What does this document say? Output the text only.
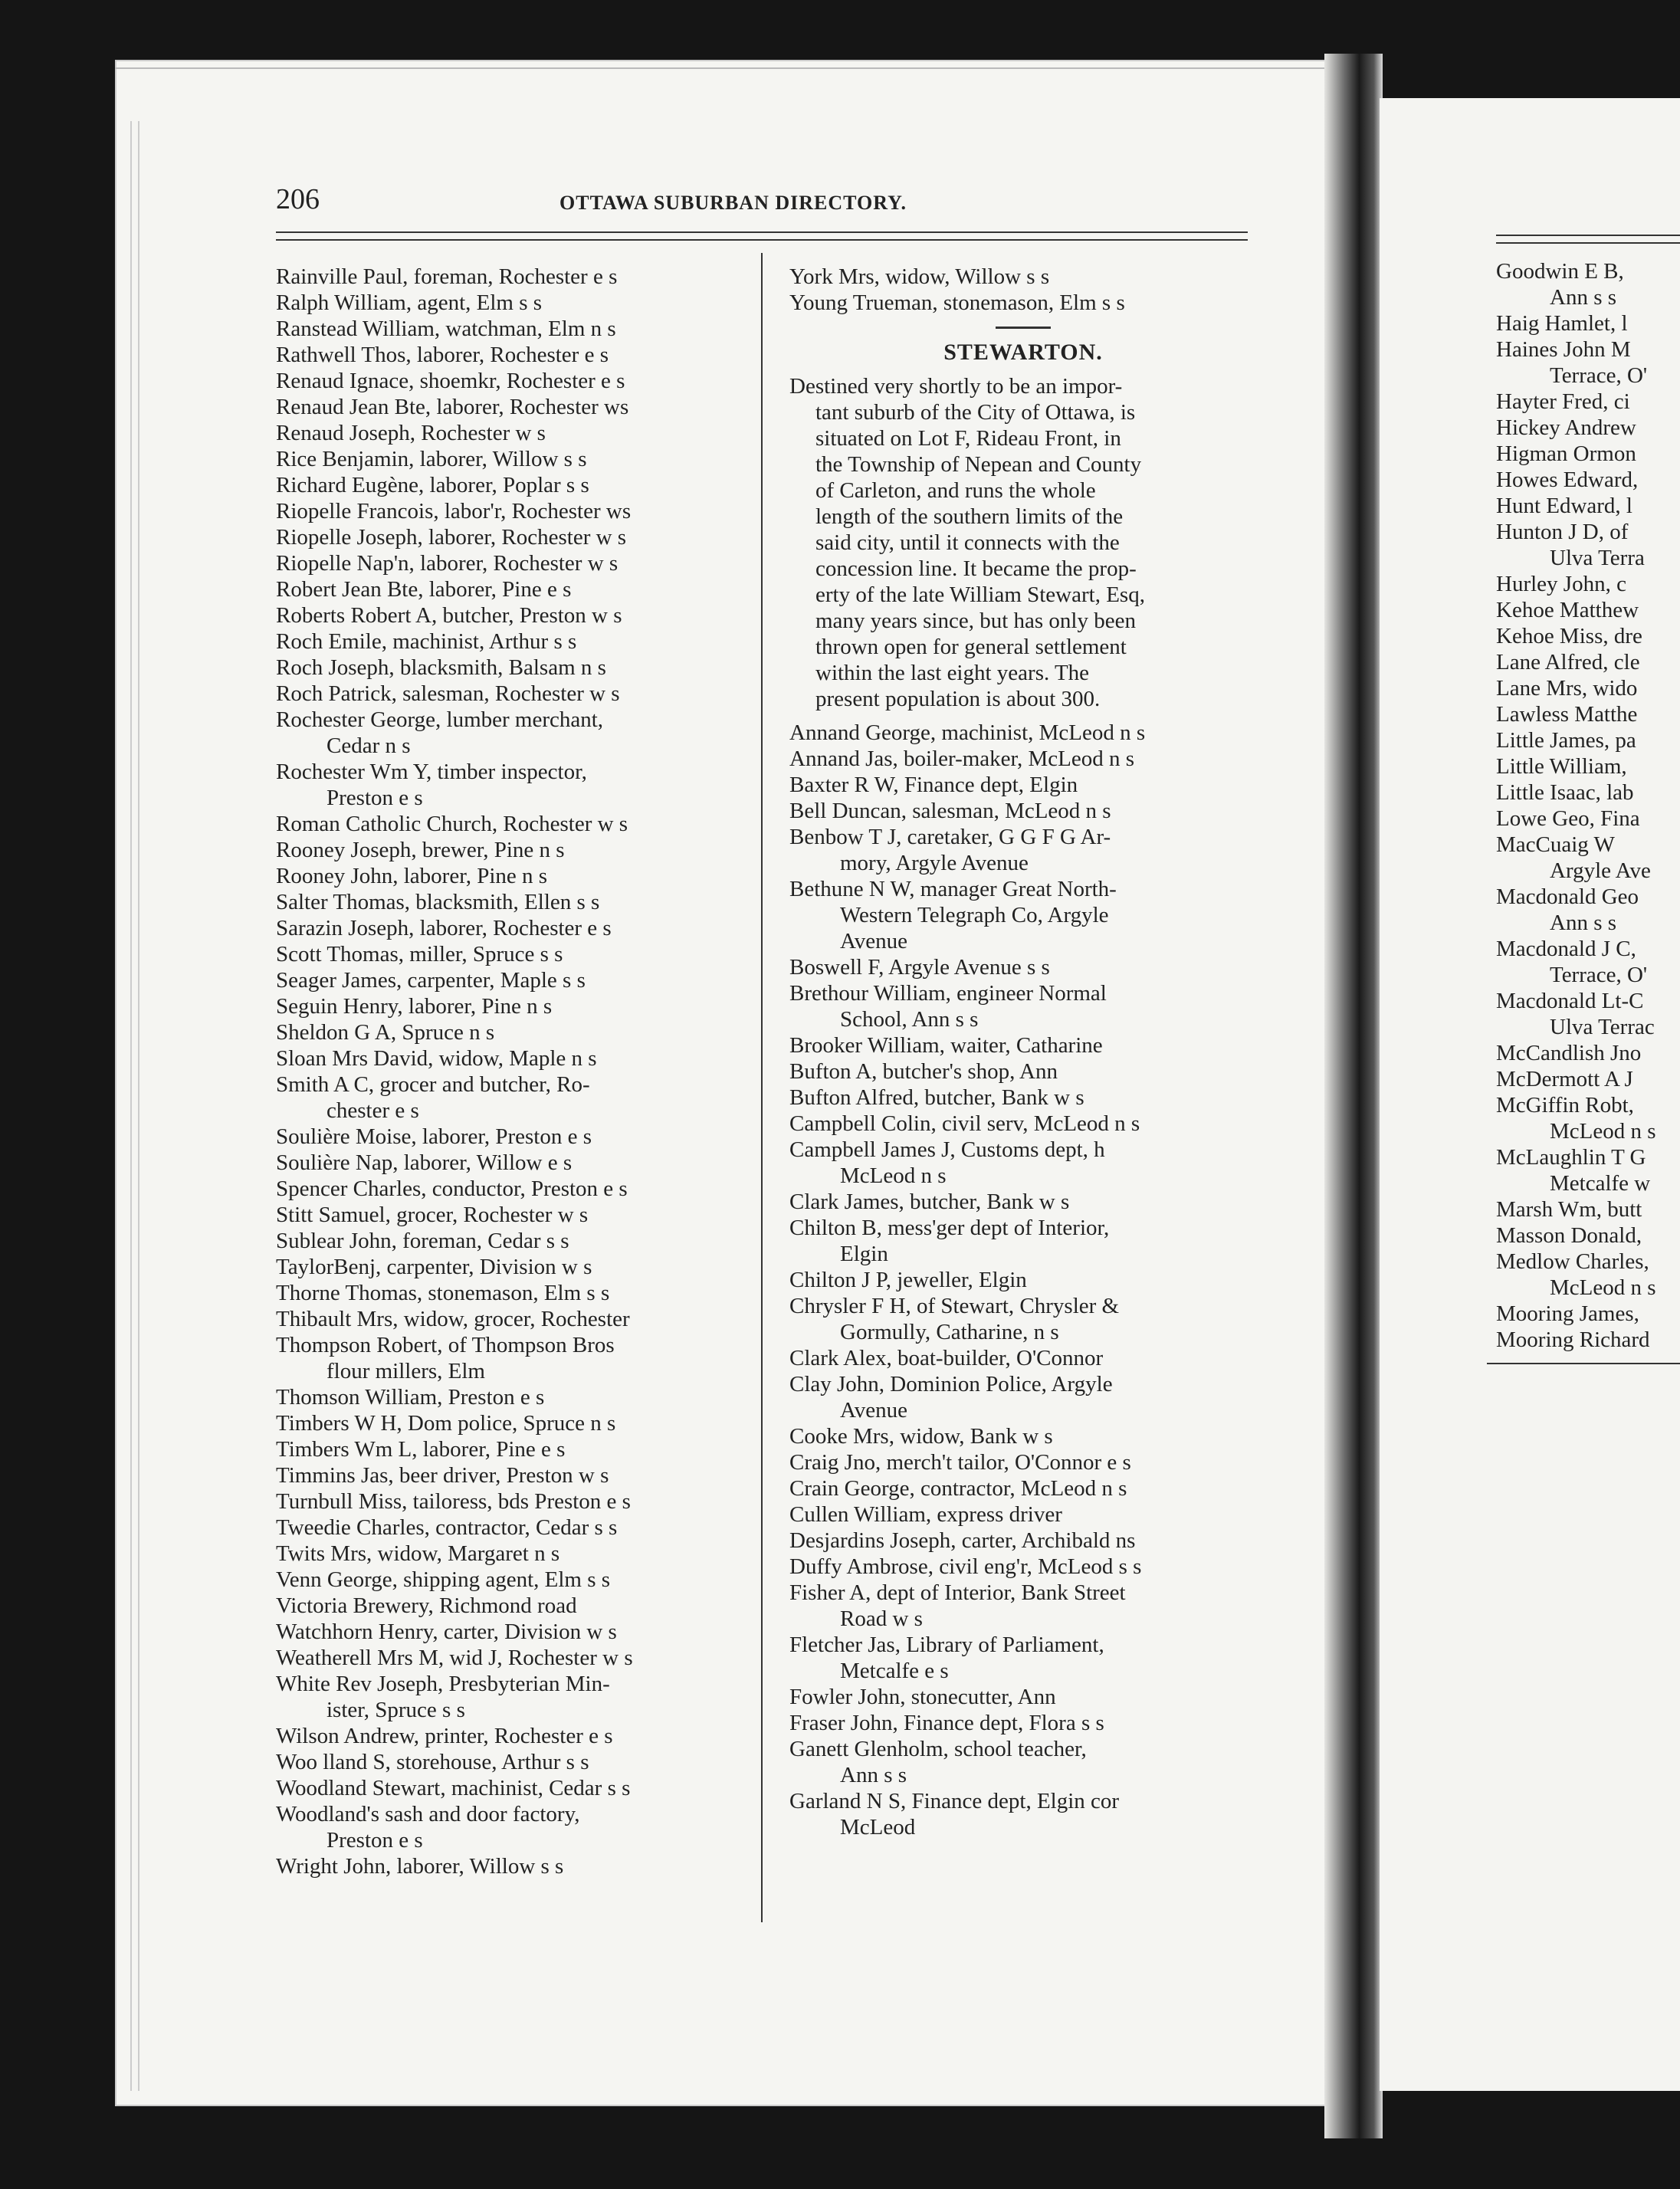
206	OTTAWA SUBURBAN DIRECTORY.
Rainville Paul, foreman, Rochester e s
Ralph William, agent, Elm s s
Ranstead William, watchman, Elm n s
Rathwell Thos, laborer, Rochester e s
Renaud Ignace, shoemkr, Rochester e s
Renaud Jean Bte, laborer, Rochester ws
Renaud Joseph, Rochester w s
Rice Benjamin, laborer, Willow s s
Richard Eugène, laborer, Poplar s s
Riopelle Francois, labor'r, Rochester ws
Riopelle Joseph, laborer, Rochester w s
Riopelle Nap'n, laborer, Rochester w s
Robert Jean Bte, laborer, Pine e s
Roberts Robert A, butcher, Preston w s
Roch Emile, machinist, Arthur s s
Roch Joseph, blacksmith, Balsam n s
Roch Patrick, salesman, Rochester w s
Rochester George, lumber merchant,

Cedar n s
Rochester Wm Y, timber inspector,

Preston e s
Roman Catholic Church, Rochester w s
Rooney Joseph, brewer, Pine n s
Rooney John, laborer, Pine n s
Salter Thomas, blacksmith, Ellen s s
Sarazin Joseph, laborer, Rochester e s
Scott Thomas, miller, Spruce s s
Seager James, carpenter, Maple s s
Seguin Henry, laborer, Pine n s
Sheldon G A, Spruce n s
Sloan Mrs David, widow, Maple n s
Smith A C, grocer and butcher, Ro-

chester e s
Soulière Moise, laborer, Preston e s
Soulière Nap, laborer, Willow e s
Spencer Charles, conductor, Preston e s
Stitt Samuel, grocer, Rochester w s
Sublear John, foreman, Cedar s s
TaylorBenj, carpenter, Division w s
Thorne Thomas, stonemason, Elm s s
Thibault Mrs, widow, grocer, Rochester
Thompson Robert, of Thompson Bros

flour millers, Elm
Thomson William, Preston e s
Timbers W H, Dom police, Spruce n s
Timbers Wm L, laborer, Pine e s
Timmins Jas, beer driver, Preston w s
Turnbull Miss, tailoress, bds Preston e s
Tweedie Charles, contractor, Cedar s s
Twits Mrs, widow, Margaret n s
Venn George, shipping agent, Elm s s
Victoria Brewery, Richmond road
Watchhorn Henry, carter, Division w s
Weatherell Mrs M, wid J, Rochester w s
White Rev Joseph, Presbyterian Min-

ister, Spruce s s
Wilson Andrew, printer, Rochester e s
Woo lland S, storehouse, Arthur s s
Woodland Stewart, machinist, Cedar s s
Woodland's sash and door factory,

Preston e s
Wright John, laborer, Willow s s
York Mrs, widow, Willow s s
Young Trueman, stonemason, Elm s s
STEWARTON.
Destined very shortly to be an impor-
tant suburb of the City of Ottawa, is
situated on Lot F, Rideau Front, in
the Township of Nepean and County
of Carleton, and runs the whole
length of the southern limits of the
said city, until it connects with the
concession line. It became the prop-
erty of the late William Stewart, Esq,
many years since, but has only been
thrown open for general settlement
within the last eight years. The
present population is about 300.
Annand George, machinist, McLeod n s
Annand Jas, boiler-maker, McLeod n s
Baxter R W, Finance dept, Elgin
Bell Duncan, salesman, McLeod n s
Benbow T J, caretaker, G G F G Ar-

mory, Argyle Avenue
Bethune N W, manager Great North-

Western Telegraph Co, Argyle
Avenue
Boswell F, Argyle Avenue s s
Brethour William, engineer Normal

School, Ann s s
Brooker William, waiter, Catharine
Bufton A, butcher's shop, Ann
Bufton Alfred, butcher, Bank w s
Campbell Colin, civil serv, McLeod n s
Campbell James J, Customs dept, h

McLeod n s
Clark James, butcher, Bank w s
Chilton B, mess'ger dept of Interior,

Elgin
Chilton J P, jeweller, Elgin
Chrysler F H, of Stewart, Chrysler &

Gormully, Catharine, n s
Clark Alex, boat-builder, O'Connor
Clay John, Dominion Police, Argyle

Avenue
Cooke Mrs, widow, Bank w s
Craig Jno, merch't tailor, O'Connor e s
Crain George, contractor, McLeod n s
Cullen William, express driver
Desjardins Joseph, carter, Archibald ns
Duffy Ambrose, civil eng'r, McLeod s s
Fisher A, dept of Interior, Bank Street

Road w s
Fletcher Jas, Library of Parliament,

Metcalfe e s
Fowler John, stonecutter, Ann
Fraser John, Finance dept, Flora s s
Ganett Glenholm, school teacher,

Ann s s
Garland N S, Finance dept, Elgin cor

McLeod
Goodwin E B,
Ann s s
Haig Hamlet, l
Haines John M
Terrace, O'
Hayter Fred, ci
Hickey Andrew
Higman Ormon
Howes Edward,
Hunt Edward, l
Hunton J D, of
Ulva Terra
Hurley John, c
Kehoe Matthew
Kehoe Miss, dre
Lane Alfred, cle
Lane Mrs, wido
Lawless Matthe
Little James, pa
Little William,
Little Isaac, lab
Lowe Geo, Fina
MacCuaig W
Argyle Ave
Macdonald Geo
Ann s s
Macdonald J C,
Terrace, O'
Macdonald Lt-C
Ulva Terrac
McCandlish Jno
McDermott A J
McGiffin Robt,
McLeod n s
McLaughlin T G
Metcalfe w
Marsh Wm, butt
Masson Donald,
Medlow Charles,
McLeod n s
Mooring James,
Mooring Richard
